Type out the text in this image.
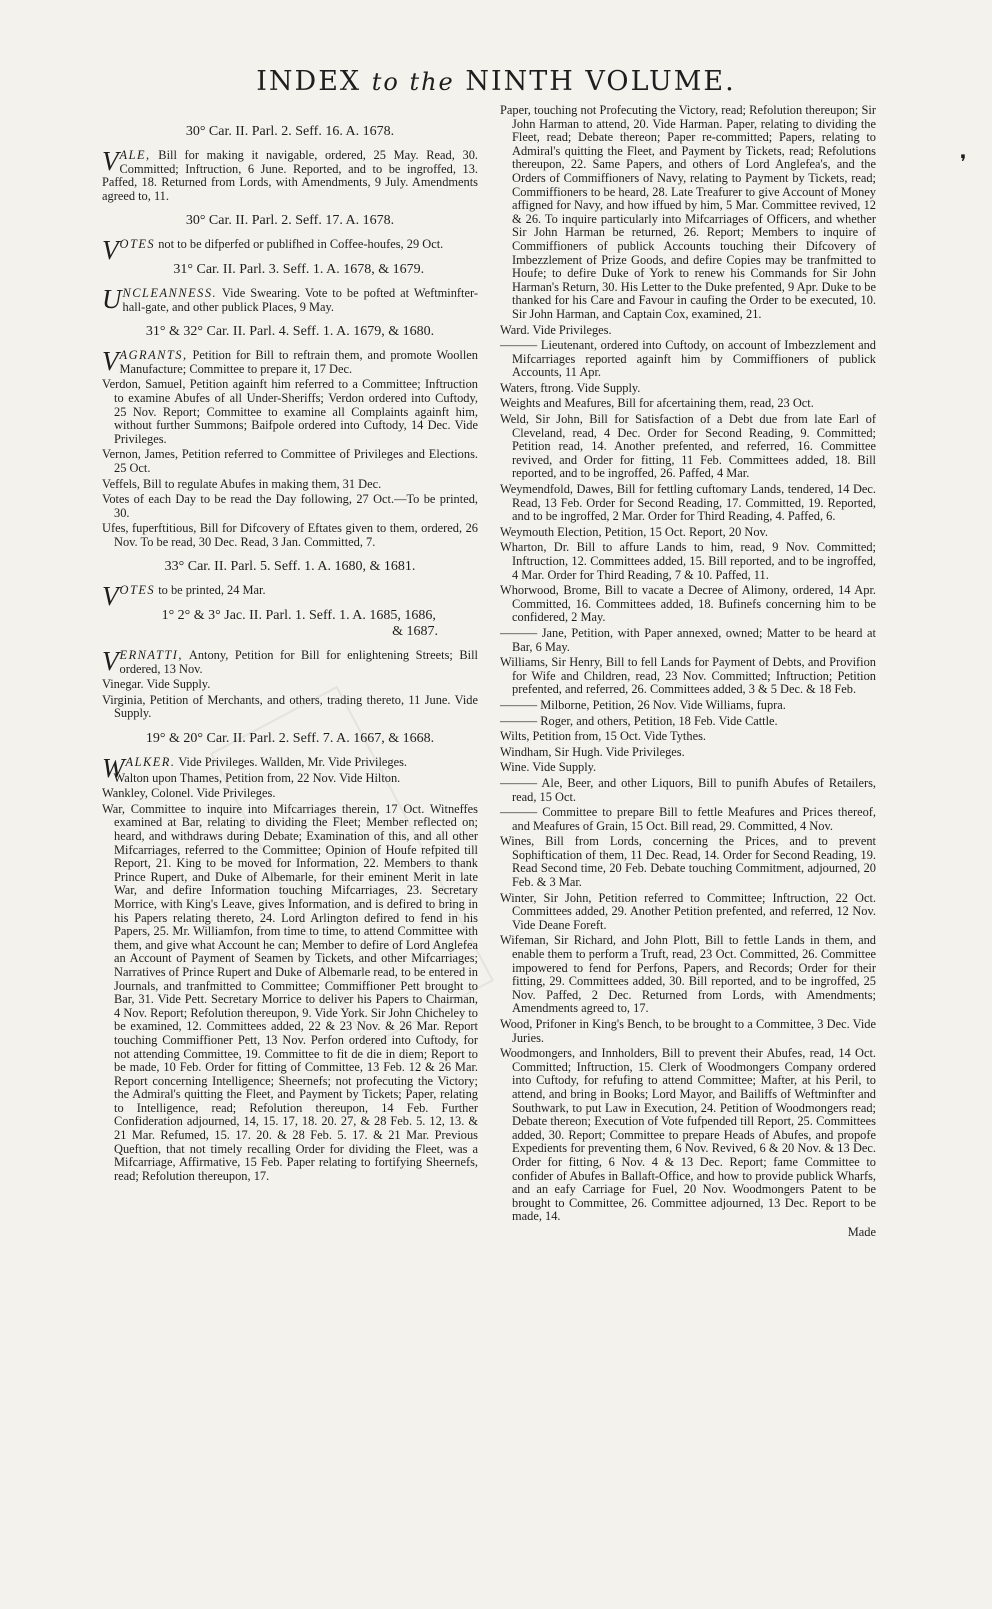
❜
INDEX to the NINTH VOLUME.
30° Car. II. Parl. 2. Seff. 16. A. 1678.
VALE, Bill for making it navigable, ordered, 25 May. Read, 30. Committed; Inftruction, 6 June. Reported, and to be ingroffed, 13. Paffed, 18. Returned from Lords, with Amendments, 9 July. Amendments agreed to, 11.
30° Car. II. Parl. 2. Seff. 17. A. 1678.
VOTES not to be difperfed or publifhed in Coffee-houfes, 29 Oct.
31° Car. II. Parl. 3. Seff. 1. A. 1678, & 1679.
UNCLEANNESS. Vide Swearing. Vote to be pofted at Weftminfter-hall-gate, and other publick Places, 9 May.
31° & 32° Car. II. Parl. 4. Seff. 1. A. 1679, & 1680.
VAGRANTS, Petition for Bill to reftrain them, and promote Woollen Manufacture; Committee to prepare it, 17 Dec.
Verdon, Samuel, Petition againft him referred to a Committee; Inftruction to examine Abufes of all Under-Sheriffs; Verdon ordered into Cuftody, 25 Nov. Report; Committee to examine all Complaints againft him, without further Summons; Baifpole ordered into Cuftody, 14 Dec. Vide Privileges.
Vernon, James, Petition referred to Committee of Privileges and Elections. 25 Oct.
Veffels, Bill to regulate Abufes in making them, 31 Dec.
Votes of each Day to be read the Day following, 27 Oct.—To be printed, 30.
Ufes, fuperftitious, Bill for Difcovery of Eftates given to them, ordered, 26 Nov. To be read, 30 Dec. Read, 3 Jan. Committed, 7.
33° Car. II. Parl. 5. Seff. 1. A. 1680, & 1681.
VOTES to be printed, 24 Mar.
1° 2° & 3° Jac. II. Parl. 1. Seff. 1. A. 1685, 1686,
& 1687.
VERNATTI, Antony, Petition for Bill for enlightening Streets; Bill ordered, 13 Nov.
Vinegar. Vide Supply.
Virginia, Petition of Merchants, and others, trading thereto, 11 June. Vide Supply.
19° & 20° Car. II. Parl. 2. Seff. 7. A. 1667, & 1668.
WALKER. Vide Privileges. Wallden, Mr. Vide Privileges.
Walton upon Thames, Petition from, 22 Nov. Vide Hilton.
Wankley, Colonel. Vide Privileges.
War, Committee to inquire into Mifcarriages therein, 17 Oct. Witneffes examined at Bar, relating to dividing the Fleet; Member reflected on; heard, and withdraws during Debate; Examination of this, and all other Mifcarriages, referred to the Committee; Opinion of Houfe refpited till Report, 21. King to be moved for Information, 22. Members to thank Prince Rupert, and Duke of Albemarle, for their eminent Merit in late War, and defire Information touching Mifcarriages, 23. Secretary Morrice, with King's Leave, gives Information, and is defired to bring in his Papers relating thereto, 24. Lord Arlington defired to fend in his Papers, 25. Mr. Williamfon, from time to time, to attend Committee with them, and give what Account he can; Member to defire of Lord Anglefea an Account of Payment of Seamen by Tickets, and other Mifcarriages; Narratives of Prince Rupert and Duke of Albemarle read, to be entered in Journals, and tranfmitted to Committee; Commiffioner Pett brought to Bar, 31. Vide Pett. Secretary Morrice to deliver his Papers to Chairman, 4 Nov. Report; Refolution thereupon, 9. Vide York. Sir John Chicheley to be examined, 12. Committees added, 22 & 23 Nov. & 26 Mar. Report touching Commiffioner Pett, 13 Nov. Perfon ordered into Cuftody, for not attending Committee, 19. Committee to fit de die in diem; Report to be made, 10 Feb. Order for fitting of Committee, 13 Feb. 12 & 26 Mar. Report concerning Intelligence; Sheernefs; not profecuting the Victory; the Admiral's quitting the Fleet, and Payment by Tickets; Paper, relating to Intelligence, read; Refolution thereupon, 14 Feb. Further Confideration adjourned, 14, 15. 17, 18. 20. 27, & 28 Feb. 5. 12, 13. & 21 Mar. Refumed, 15. 17. 20. & 28 Feb. 5. 17. & 21 Mar. Previous Queftion, that not timely recalling Order for dividing the Fleet, was a Mifcarriage, Affirmative, 15 Feb. Paper relating to fortifying Sheernefs, read; Refolution thereupon, 17.
Paper, touching not Profecuting the Victory, read; Refolution thereupon; Sir John Harman to attend, 20. Vide Harman. Paper, relating to dividing the Fleet, read; Debate thereon; Paper re-committed; Papers, relating to Admiral's quitting the Fleet, and Payment by Tickets, read; Refolutions thereupon, 22. Same Papers, and others of Lord Anglefea's, and the Orders of Commiffioners of Navy, relating to Payment by Tickets, read; Commiffioners to be heard, 28. Late Treafurer to give Account of Money affigned for Navy, and how iffued by him, 5 Mar. Committee revived, 12 & 26. To inquire particularly into Mifcarriages of Officers, and whether Sir John Harman be returned, 26. Report; Members to inquire of Commiffioners of publick Accounts touching their Difcovery of Imbezzlement of Prize Goods, and defire Copies may be tranfmitted to Houfe; to defire Duke of York to renew his Commands for Sir John Harman's Return, 30. His Letter to the Duke prefented, 9 Apr. Duke to be thanked for his Care and Favour in caufing the Order to be executed, 10. Sir John Harman, and Captain Cox, examined, 21.
Ward. Vide Privileges.
——— Lieutenant, ordered into Cuftody, on account of Imbezzlement and Mifcarriages reported againft him by Commiffioners of publick Accounts, 11 Apr.
Waters, ftrong. Vide Supply.
Weights and Meafures, Bill for afcertaining them, read, 23 Oct.
Weld, Sir John, Bill for Satisfaction of a Debt due from late Earl of Cleveland, read, 4 Dec. Order for Second Reading, 9. Committed; Petition read, 14. Another prefented, and referred, 16. Committee revived, and Order for fitting, 11 Feb. Committees added, 18. Bill reported, and to be ingroffed, 26. Paffed, 4 Mar.
Weymendfold, Dawes, Bill for fettling cuftomary Lands, tendered, 14 Dec. Read, 13 Feb. Order for Second Reading, 17. Committed, 19. Reported, and to be ingroffed, 2 Mar. Order for Third Reading, 4. Paffed, 6.
Weymouth Election, Petition, 15 Oct. Report, 20 Nov.
Wharton, Dr. Bill to affure Lands to him, read, 9 Nov. Committed; Inftruction, 12. Committees added, 15. Bill reported, and to be ingroffed, 4 Mar. Order for Third Reading, 7 & 10. Paffed, 11.
Whorwood, Brome, Bill to vacate a Decree of Alimony, ordered, 14 Apr. Committed, 16. Committees added, 18. Bufinefs concerning him to be confidered, 2 May.
——— Jane, Petition, with Paper annexed, owned; Matter to be heard at Bar, 6 May.
Williams, Sir Henry, Bill to fell Lands for Payment of Debts, and Provifion for Wife and Children, read, 23 Nov. Committed; Inftruction; Petition prefented, and referred, 26. Committees added, 3 & 5 Dec. & 18 Feb.
——— Milborne, Petition, 26 Nov. Vide Williams, fupra.
——— Roger, and others, Petition, 18 Feb. Vide Cattle.
Wilts, Petition from, 15 Oct. Vide Tythes.
Windham, Sir Hugh. Vide Privileges.
Wine. Vide Supply.
——— Ale, Beer, and other Liquors, Bill to punifh Abufes of Retailers, read, 15 Oct.
——— Committee to prepare Bill to fettle Meafures and Prices thereof, and Meafures of Grain, 15 Oct. Bill read, 29. Committed, 4 Nov.
Wines, Bill from Lords, concerning the Prices, and to prevent Sophiftication of them, 11 Dec. Read, 14. Order for Second Reading, 19. Read Second time, 20 Feb. Debate touching Commitment, adjourned, 20 Feb. & 3 Mar.
Winter, Sir John, Petition referred to Committee; Inftruction, 22 Oct. Committees added, 29. Another Petition prefented, and referred, 12 Nov. Vide Deane Foreft.
Wifeman, Sir Richard, and John Plott, Bill to fettle Lands in them, and enable them to perform a Truft, read, 23 Oct. Committed, 26. Committee impowered to fend for Perfons, Papers, and Records; Order for their fitting, 29. Committees added, 30. Bill reported, and to be ingroffed, 25 Nov. Paffed, 2 Dec. Returned from Lords, with Amendments; Amendments agreed to, 17.
Wood, Prifoner in King's Bench, to be brought to a Committee, 3 Dec. Vide Juries.
Woodmongers, and Innholders, Bill to prevent their Abufes, read, 14 Oct. Committed; Inftruction, 15. Clerk of Woodmongers Company ordered into Cuftody, for refufing to attend Committee; Mafter, at his Peril, to attend, and bring in Books; Lord Mayor, and Bailiffs of Weftminfter and Southwark, to put Law in Execution, 24. Petition of Woodmongers read; Debate thereon; Execution of Vote fufpended till Report, 25. Committees added, 30. Report; Committee to prepare Heads of Abufes, and propofe Expedients for preventing them, 6 Nov. Revived, 6 & 20 Nov. & 13 Dec. Order for fitting, 6 Nov. 4 & 13 Dec. Report; fame Committee to confider of Abufes in Ballaft-Office, and how to provide publick Wharfs, and an eafy Carriage for Fuel, 20 Nov. Woodmongers Patent to be brought to Committee, 26. Committee adjourned, 13 Dec. Report to be made, 14.
Made
